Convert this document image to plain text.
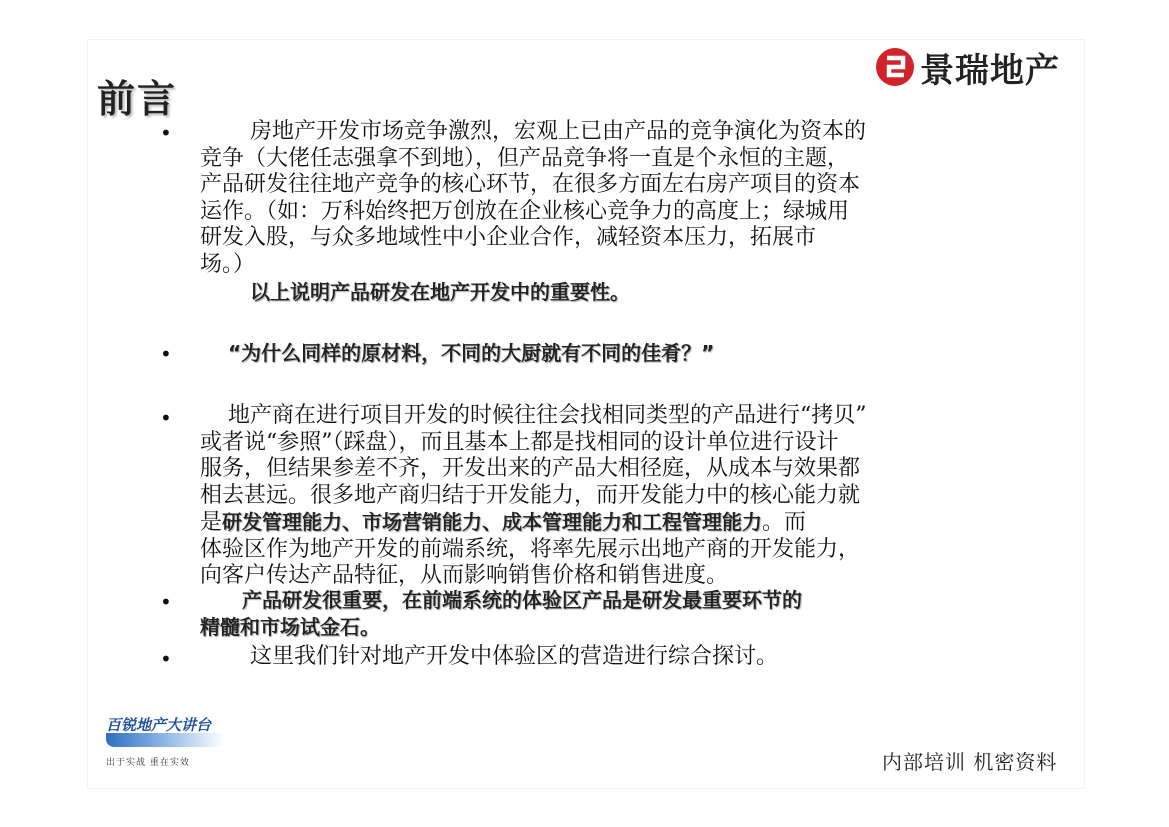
前言
景瑞地产
•	房地产开发市场竞争激烈，宏观上已由产品的竞争演化为资本的
竞争（大佬任志强拿不到地），但产品竞争将一直是个永恒的主题，
产品研发往往地产竞争的核心环节，在很多方面左右房产项目的资本
运作。（如：万科始终把万创放在企业核心竞争力的高度上；绿城用
研发入股，与众多地域性中小企业合作，减轻资本压力，拓展市
场。）
以上说明产品研发在地产开发中的重要性。
•	“为什么同样的原材料，不同的大厨就有不同的佳肴？”
•	地产商在进行项目开发的时候往往会找相同类型的产品进行“拷贝”
或者说“参照”（踩盘），而且基本上都是找相同的设计单位进行设计
服务，但结果参差不齐，开发出来的产品大相径庭，从成本与效果都
相去甚远。很多地产商归结于开发能力，而开发能力中的核心能力就
是研发管理能力、市场营销能力、成本管理能力和工程管理能力。而
体验区作为地产开发的前端系统，将率先展示出地产商的开发能力，
向客户传达产品特征，从而影响销售价格和销售进度。
•	产品研发很重要，在前端系统的体验区产品是研发最重要环节的
精髓和市场试金石。
•	这里我们针对地产开发中体验区的营造进行综合探讨。
百锐地产大讲台
出于实战 重在实效	内部培训 机密资料
